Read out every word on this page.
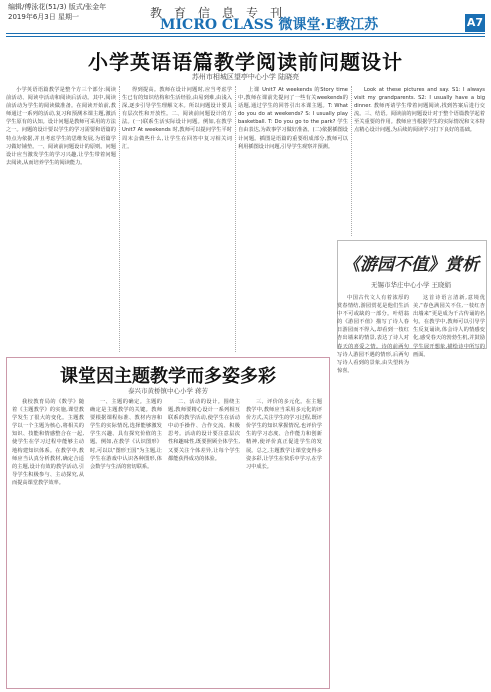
编辑/傅泳花(51/3) 版式/张金年
2019年6月3日 星期一	教育信息专刊
MICRO CLASS 微课堂·E教江苏	A7
小学英语语篇教学阅读前问题设计
苏州市相城区望亭中心小学 陆晓亮

小学英语语篇教学是整个方三个部分:阅读前活动、阅读中活动和阅读后活动。其中,阅读前活动为学生的阅读做准备。在阅读开始前,教师通过一系列的活动,复习和预测本课主题,激活学生原有的认知。设计问题是教师可采用的方法之一。问题的设计要以学生的学习需要和语篇的特点为依据,并且考虑学生的思维发展,为语篇学习做好铺垫。一、阅读前问题设计的原则。问题设计应当激发学生的学习兴趣,让学生带着问题去阅读,从而培养学生的阅读能力。

得到提高。教师在设计问题时,应当考虑学生已有的知识结构和生活经验,由易到难,由浅入深,逐步引导学生理解文本。所以问题设计要具有层次性和开放性。二、阅读前问题设计的方法。(一)联系生活实际设计问题。例如,在教学Unit7 At weekends 时,教师可以提问学生平时周末会做些什么,让学生在回答中复习相关词汇。

上课 Unit7 At weekends 的Story time中,教师在课前先提问了一些有关weekends的话题,通过学生的回答引出本课主题。T: What do you do at weekends? S: I usually play basketball. T: Do you go to the park? 学生自由表达,为故事学习做好准备。(二)依据插图设计问题。插图是语篇的重要组成部分,教师可以利用插图设计问题,引导学生观察并预测。

Look at these pictures and say. S1: I always visit my grandparents. S2: I usually have a big dinner. 教师再请学生带着问题阅读,找到答案后进行交流。三、结语。阅读前的问题设计对于整个语篇教学起着至关重要的作用。教师应当根据学生的实际情况和文本特点精心设计问题,为后续的阅读学习打下良好的基础。

课堂因主题教学而多姿多彩
泰兴市黄桥镇中心小学 蒋芳

我校教育局的《数学》随着《主题教学》的实施,课堂教学发生了很大的变化。主题教学以一个主题为核心,将相关的知识、技能和情感整合在一起,使学生在学习过程中能够主动地构建知识体系。在教学中,教师应当认真分析教材,确定合适的主题,设计有效的教学活动,引导学生积极参与、主动探究,从而提高课堂教学效率。

一、主题的确定。主题的确定是主题教学的关键。教师要根据课程标准、教材内容和学生的实际情况,选择能够激发学生兴趣、具有探究价值的主题。例如,在教学《认识图形》时,可以以“图形王国”为主题,让学生在游戏中认识各种图形,体会数学与生活的密切联系。

二、活动的设计。围绕主题,教师要精心设计一系列相互联系的教学活动,使学生在活动中动手操作、合作交流、积极思考。活动的设计要注意层次性和趣味性,既要照顾全体学生,又要关注个体差异,让每个学生都能获得成功的体验。

三、评价的多元化。在主题教学中,教师应当采用多元化的评价方式,关注学生的学习过程,既评价学生的知识掌握情况,也评价学生的学习态度、合作能力和创新精神,使评价真正促进学生的发展。总之,主题教学让课堂变得多姿多彩,让学生在快乐中学习,在学习中成长。

《游园不值》赏析
无锡市华庄中心小学 王晓娟

中国古代文人有着浓厚的赏春情结,游园赏花是他们生活中不可或缺的一部分。叶绍翁的《游园不值》描写了诗人春日游园而不得入,却看到一枝红杏出墙来的情景,表达了诗人对春天的喜爱之情。诗的前两句写诗人游园不遇的情形,后两句写诗人看到的景象,由失望转为惊喜。

这首诗语言清新,意境优美,“春色满园关不住,一枝红杏出墙来”更是成为千古传诵的名句。在教学中,教师可以引导学生反复诵读,体会诗人的情感变化,感受春天的勃勃生机,并鼓励学生展开想象,描绘诗中所写的画面。
